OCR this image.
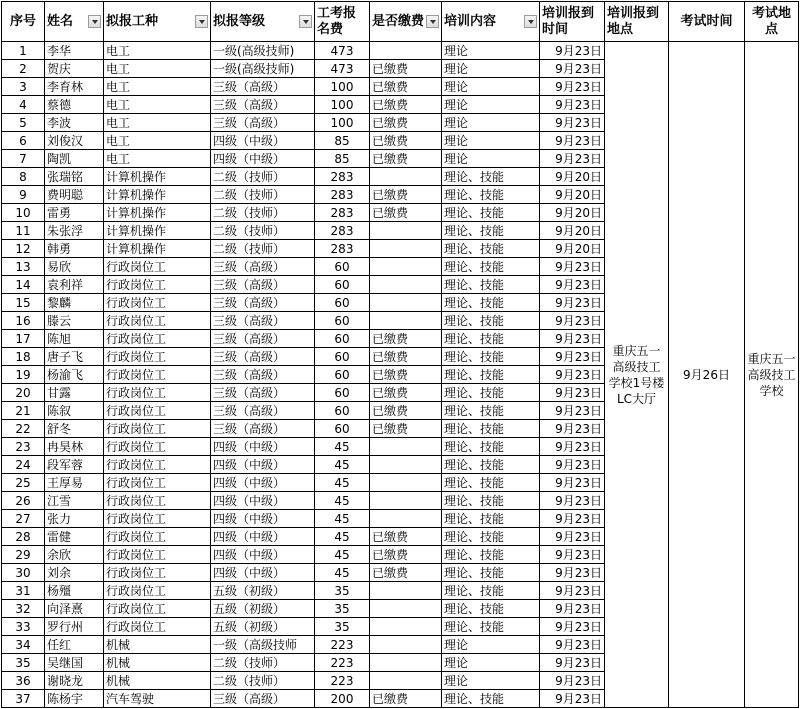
序号	姓名	拟报工种	拟报等级	工考报名费	是否缴费	培训内容	培训报到时间	培训报到地点	考试时间	考试地点
1	李华	电工	一级(高级技师)	473		理论	9月23日	重庆五一高级技工学校1号楼LC大厅	9月26日	重庆五一高级技工学校
2	贺庆	电工	一级(高级技师)	473	已缴费	理论	9月23日			
3	李育林	电工	三级（高级）	100	已缴费	理论	9月23日			
4	蔡德	电工	三级（高级）	100	已缴费	理论	9月23日			
5	李波	电工	三级（高级）	100	已缴费	理论	9月23日			
6	刘俊汉	电工	四级（中级）	85	已缴费	理论	9月23日			
7	陶凯	电工	四级（中级）	85	已缴费	理论	9月23日			
8	张瑞铭	计算机操作	二级（技师）	283		理论、技能	9月20日			
9	费明聪	计算机操作	二级（技师）	283	已缴费	理论、技能	9月20日			
10	雷勇	计算机操作	二级（技师）	283	已缴费	理论、技能	9月20日			
11	朱张浮	计算机操作	二级（技师）	283		理论、技能	9月20日			
12	韩勇	计算机操作	二级（技师）	283		理论、技能	9月20日			
13	易欣	行政岗位工	三级（高级）	60		理论、技能	9月23日			
14	袁利祥	行政岗位工	三级（高级）	60		理论、技能	9月23日			
15	黎麟	行政岗位工	三级（高级）	60		理论、技能	9月23日			
16	滕云	行政岗位工	三级（高级）	60		理论、技能	9月23日			
17	陈旭	行政岗位工	三级（高级）	60	已缴费	理论、技能	9月23日			
18	唐子飞	行政岗位工	三级（高级）	60	已缴费	理论、技能	9月23日			
19	杨渝飞	行政岗位工	三级（高级）	60	已缴费	理论、技能	9月23日			
20	甘露	行政岗位工	三级（高级）	60	已缴费	理论、技能	9月23日			
21	陈叙	行政岗位工	三级（高级）	60	已缴费	理论、技能	9月23日			
22	舒冬	行政岗位工	三级（高级）	60	已缴费	理论、技能	9月23日			
23	冉昊林	行政岗位工	四级（中级）	45		理论、技能	9月23日			
24	段军蓉	行政岗位工	四级（中级）	45		理论、技能	9月23日			
25	王厚易	行政岗位工	四级（中级）	45		理论、技能	9月23日			
26	江雪	行政岗位工	四级（中级）	45		理论、技能	9月23日			
27	张力	行政岗位工	四级（中级）	45		理论、技能	9月23日			
28	雷健	行政岗位工	四级（中级）	45	已缴费	理论、技能	9月23日			
29	余欣	行政岗位工	四级（中级）	45	已缴费	理论、技能	9月23日			
30	刘余	行政岗位工	四级（中级）	45	已缴费	理论、技能	9月23日			
31	杨殭	行政岗位工	五级（初级）	35		理论、技能	9月23日			
32	向泽熹	行政岗位工	五级（初级）	35		理论、技能	9月23日			
33	罗行州	行政岗位工	五级（初级）	35		理论、技能	9月23日			
34	任红	机械	一级（高级技师	223		理论	9月23日			
35	吴继国	机械	二级（技师）	223		理论	9月23日			
36	谢晓龙	机械	二级（技师）	223		理论	9月23日			
37	陈杨宇	汽车驾驶	三级（高级）	200	已缴费	理论、技能	9月23日			
